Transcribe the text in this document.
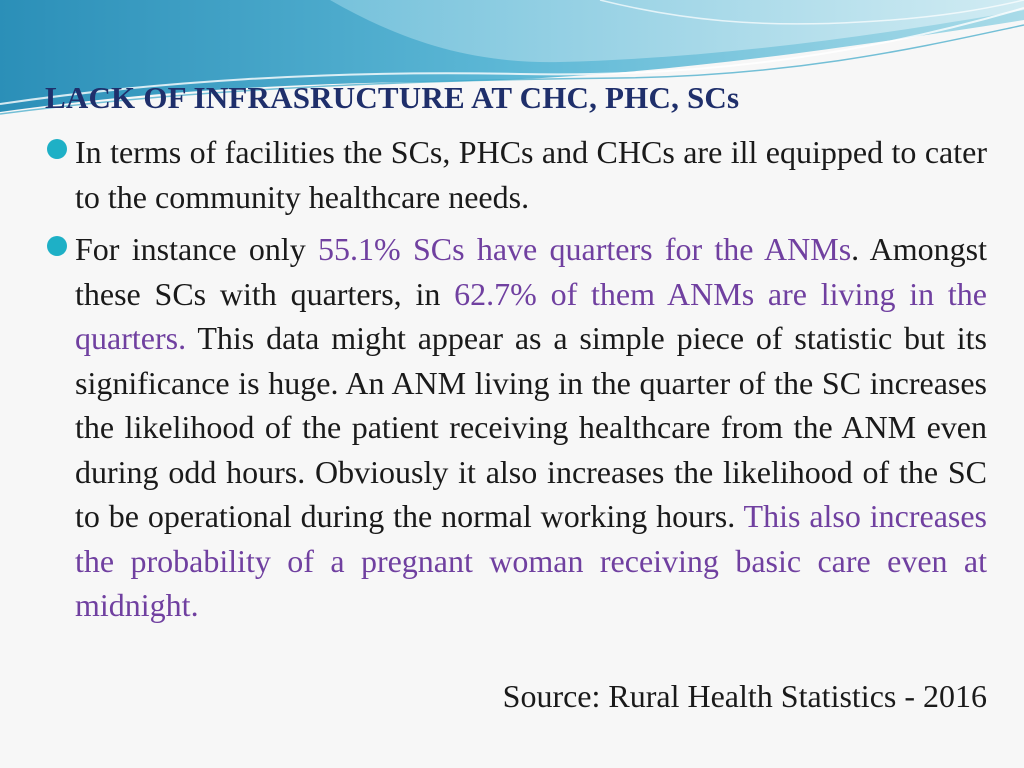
LACK OF INFRASRUCTURE AT CHC, PHC, SCs

In terms of facilities the SCs, PHCs and CHCs are ill equipped to cater to the community healthcare needs.

For instance only 55.1% SCs have quarters for the ANMs. Amongst these SCs with quarters, in 62.7% of them ANMs are living in the quarters. This data might appear as a simple piece of statistic but its significance is huge. An ANM living in the quarter of the SC increases the likelihood of the patient receiving healthcare from the ANM even during odd hours. Obviously it also increases the likelihood of the SC to be operational during the normal working hours. This also increases the probability of a pregnant woman receiving basic care even at midnight.

Source: Rural Health Statistics - 2016
